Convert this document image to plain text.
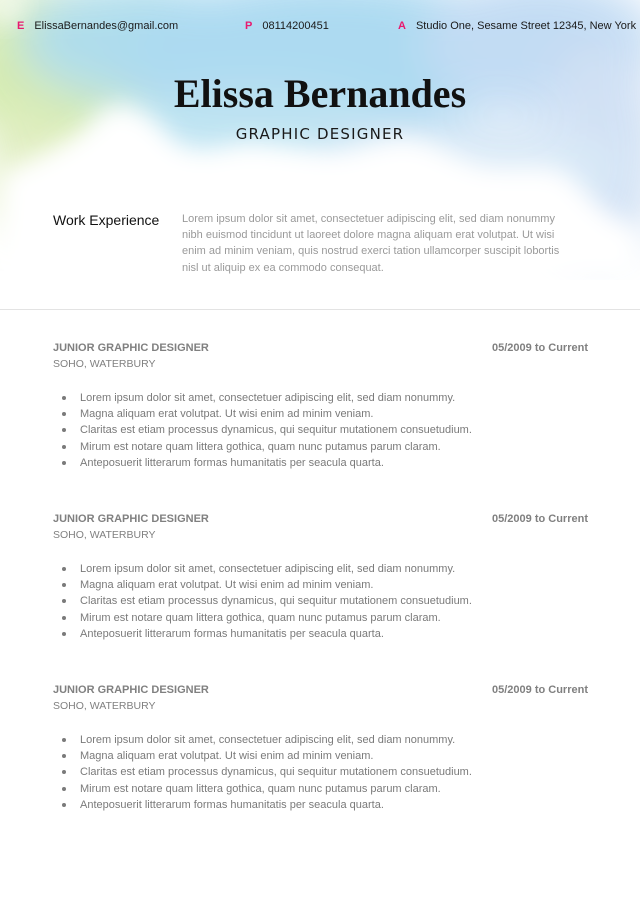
E ElissaBernandes@gmail.com	P 08114200451	A Studio One, Sesame Street 12345, New York
Elissa Bernandes
GRAPHIC DESIGNER
Work Experience	Lorem ipsum dolor sit amet, consectetuer adipiscing elit, sed diam nonummy nibh euismod tincidunt ut laoreet dolore magna aliquam erat volutpat. Ut wisi enim ad minim veniam, quis nostrud exerci tation ullamcorper suscipit lobortis nisl ut aliquip ex ea commodo consequat.

JUNIOR GRAPHIC DESIGNER	05/2009 to Current
SOHO, WATERBURY
Lorem ipsum dolor sit amet, consectetuer adipiscing elit, sed diam nonummy.
Magna aliquam erat volutpat. Ut wisi enim ad minim veniam.
Claritas est etiam processus dynamicus, qui sequitur mutationem consuetudium.
Mirum est notare quam littera gothica, quam nunc putamus parum claram.
Anteposuerit litterarum formas humanitatis per seacula quarta.
JUNIOR GRAPHIC DESIGNER	05/2009 to Current
SOHO, WATERBURY
Lorem ipsum dolor sit amet, consectetuer adipiscing elit, sed diam nonummy.
Magna aliquam erat volutpat. Ut wisi enim ad minim veniam.
Claritas est etiam processus dynamicus, qui sequitur mutationem consuetudium.
Mirum est notare quam littera gothica, quam nunc putamus parum claram.
Anteposuerit litterarum formas humanitatis per seacula quarta.
JUNIOR GRAPHIC DESIGNER	05/2009 to Current
SOHO, WATERBURY
Lorem ipsum dolor sit amet, consectetuer adipiscing elit, sed diam nonummy.
Magna aliquam erat volutpat. Ut wisi enim ad minim veniam.
Claritas est etiam processus dynamicus, qui sequitur mutationem consuetudium.
Mirum est notare quam littera gothica, quam nunc putamus parum claram.
Anteposuerit litterarum formas humanitatis per seacula quarta.
